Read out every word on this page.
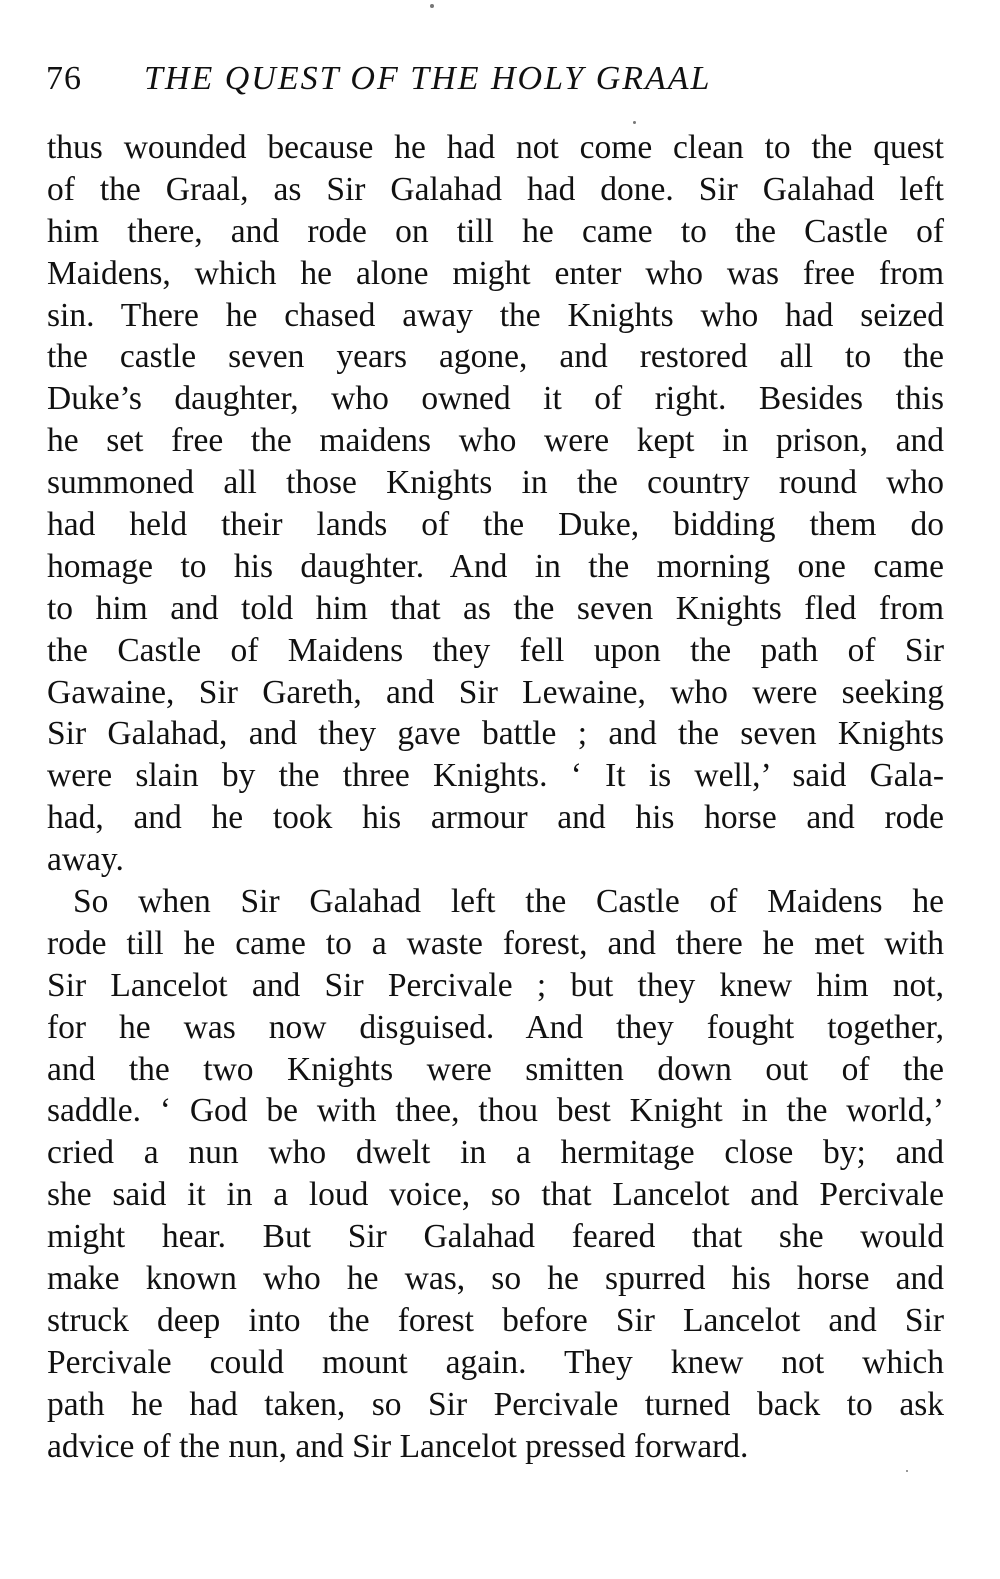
76 THE QUEST OF THE HOLY GRAAL
thus wounded because he had not come clean to the quest
of the Graal, as Sir Galahad had done. Sir Galahad left
him there, and rode on till he came to the Castle of
Maidens, which he alone might enter who was free from
sin. There he chased away the Knights who had seized
the castle seven years agone, and restored all to the
Duke’s daughter, who owned it of right. Besides this
he set free the maidens who were kept in prison, and
summoned all those Knights in the country round who
had held their lands of the Duke, bidding them do
homage to his daughter. And in the morning one came
to him and told him that as the seven Knights fled from
the Castle of Maidens they fell upon the path of Sir
Gawaine, Sir Gareth, and Sir Lewaine, who were seeking
Sir Galahad, and they gave battle ; and the seven Knights
were slain by the three Knights. ‘ It is well,’ said Gala-
had, and he took his armour and his horse and rode
away.
So when Sir Galahad left the Castle of Maidens he
rode till he came to a waste forest, and there he met with
Sir Lancelot and Sir Percivale ; but they knew him not,
for he was now disguised. And they fought together,
and the two Knights were smitten down out of the
saddle. ‘ God be with thee, thou best Knight in the world,’
cried a nun who dwelt in a hermitage close by; and
she said it in a loud voice, so that Lancelot and Percivale
might hear. But Sir Galahad feared that she would
make known who he was, so he spurred his horse and
struck deep into the forest before Sir Lancelot and Sir
Percivale could mount again. They knew not which
path he had taken, so Sir Percivale turned back to ask
advice of the nun, and Sir Lancelot pressed forward.
